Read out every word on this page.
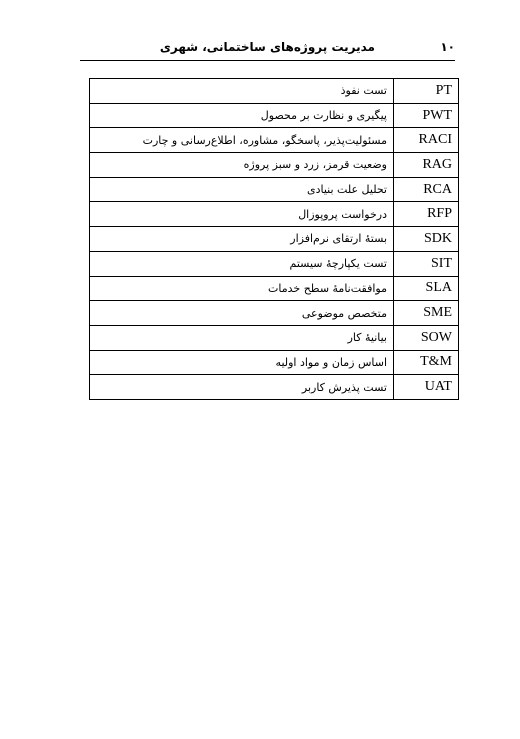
۱۰
مدیریت پروژه‌های ساختمانی، شهری
تست نفوذ	PT
پیگیری و نظارت بر محصول	PWT
مسئولیت‌پذیر، پاسخگو، مشاوره، اطلاع‌رسانی و چارت	RACI
وضعیت قرمز، زرد و سبز پروژه	RAG
تحلیل علت بنیادی	RCA
درخواست پروپوزال	RFP
بستهٔ ارتقای نرم‌افزار	SDK
تست یکپارچهٔ سیستم	SIT
موافقت‌نامهٔ سطح خدمات	SLA
متخصص موضوعی	SME
بیانیهٔ کار	SOW
اساس زمان و مواد اولیه	T&M
تست پذیرش کاربر	UAT
